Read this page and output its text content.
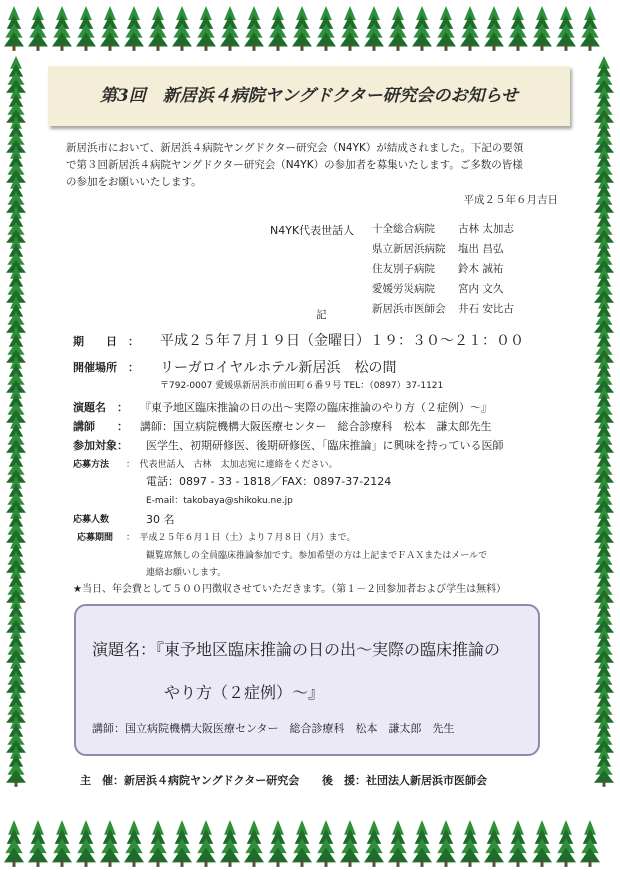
第3回　新居浜４病院ヤングドクター研究会のお知らせ
新居浜市において、新居浜４病院ヤングドクター研究会（N4YK）が結成されました。下記の要領
で第３回新居浜４病院ヤングドクター研究会（N4YK）の参加者を募集いたします。ご多数の皆様
の参加をお願いいたします。
平成２５年６月吉日
N4YK代表世話人 十全総合病院 古林 太加志
県立新居浜病院 塩出 昌弘
住友別子病院 鈴木 誠祐
愛媛労災病院 宮内 文久
新居浜市医師会 井石 安比古
記
期　　日　： 平成２５年７月１９日（金曜日）１９：３０〜２１：００
開催場所　： リーガロイヤルホテル新居浜　松の間
〒792-0007 愛媛県新居浜市前田町６番９号 TEL：（0897）37-1121
演題名　： 『東予地区臨床推論の日の出〜実際の臨床推論のやり方（２症例）〜』
講師　　： 講師：国立病院機構大阪医療センター　総合診療科　松本　謙太郎先生
参加対象： 医学生、初期研修医、後期研修医、「臨床推論」に興味を持っている医師
応募方法 ：　代表世話人　古林　太加志宛に連絡をください。
電話：0897 - 33 - 1818／FAX：0897-37-2124
E-mail：takobaya@shikoku.ne.jp
応募人数	30 名
応募期間 ：　平成２５年６月１日（土）より７月８日（月）まで。
観覧席無しの全員臨床推論参加です。参加希望の方は上記までＦＡＸまたはメールで
連絡お願いします。
★当日、年会費として５００円徴収させていただきます。（第１－２回参加者および学生は無料）
演題名：『東予地区臨床推論の日の出〜実際の臨床推論の
やり方（２症例）〜』
講師：国立病院機構大阪医療センター　総合診療科　松本　謙太郎　先生
主　催：新居浜４病院ヤングドクター研究会 後　援：社団法人新居浜市医師会
